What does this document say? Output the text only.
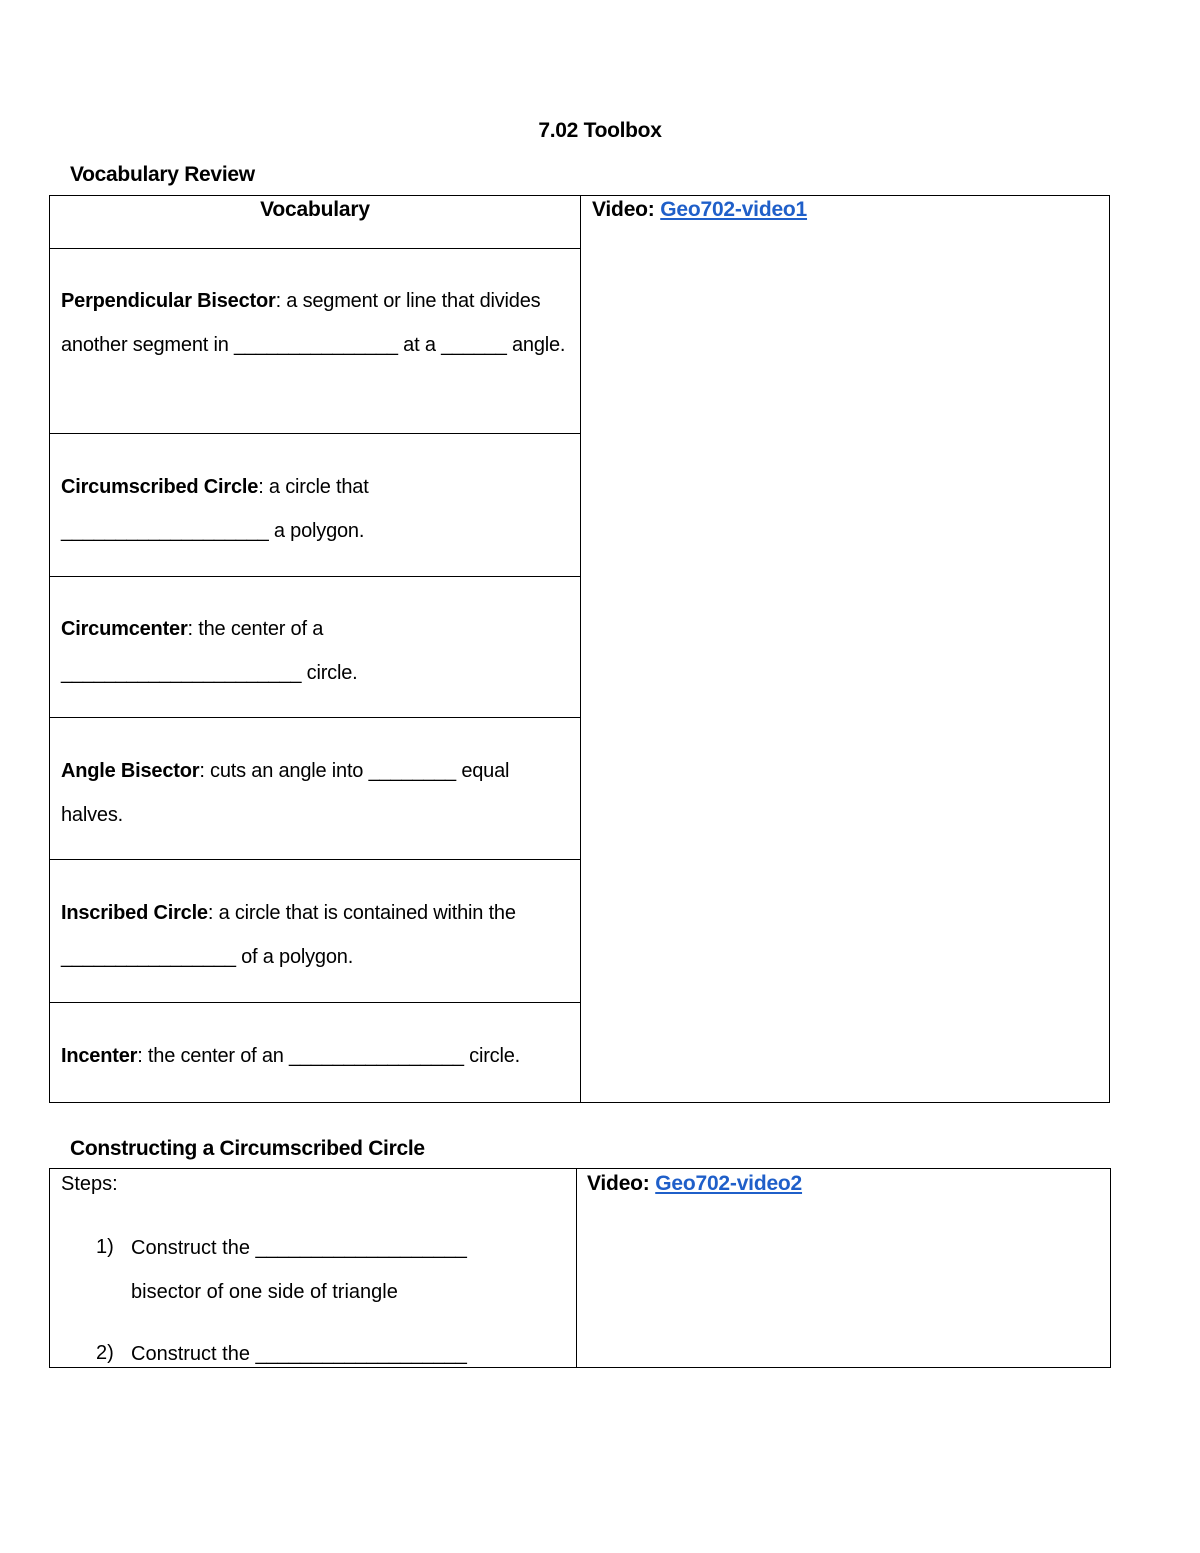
7.02 Toolbox
Vocabulary Review
Vocabulary	Video: Geo702-video1
Perpendicular Bisector: a segment or line that divides another segment in _______________ at a ______ angle.
Circumscribed Circle: a circle that ___________________ a polygon.
Circumcenter: the center of a ______________________ circle.
Angle Bisector: cuts an angle into ________ equal halves.
Inscribed Circle: a circle that is contained within the ________________ of a polygon.
Incenter: the center of an ________________ circle.
Constructing a Circumscribed Circle
Steps:
1) Construct the ___________________ bisector of one side of triangle
2) Construct the ___________________
Video: Geo702-video2
